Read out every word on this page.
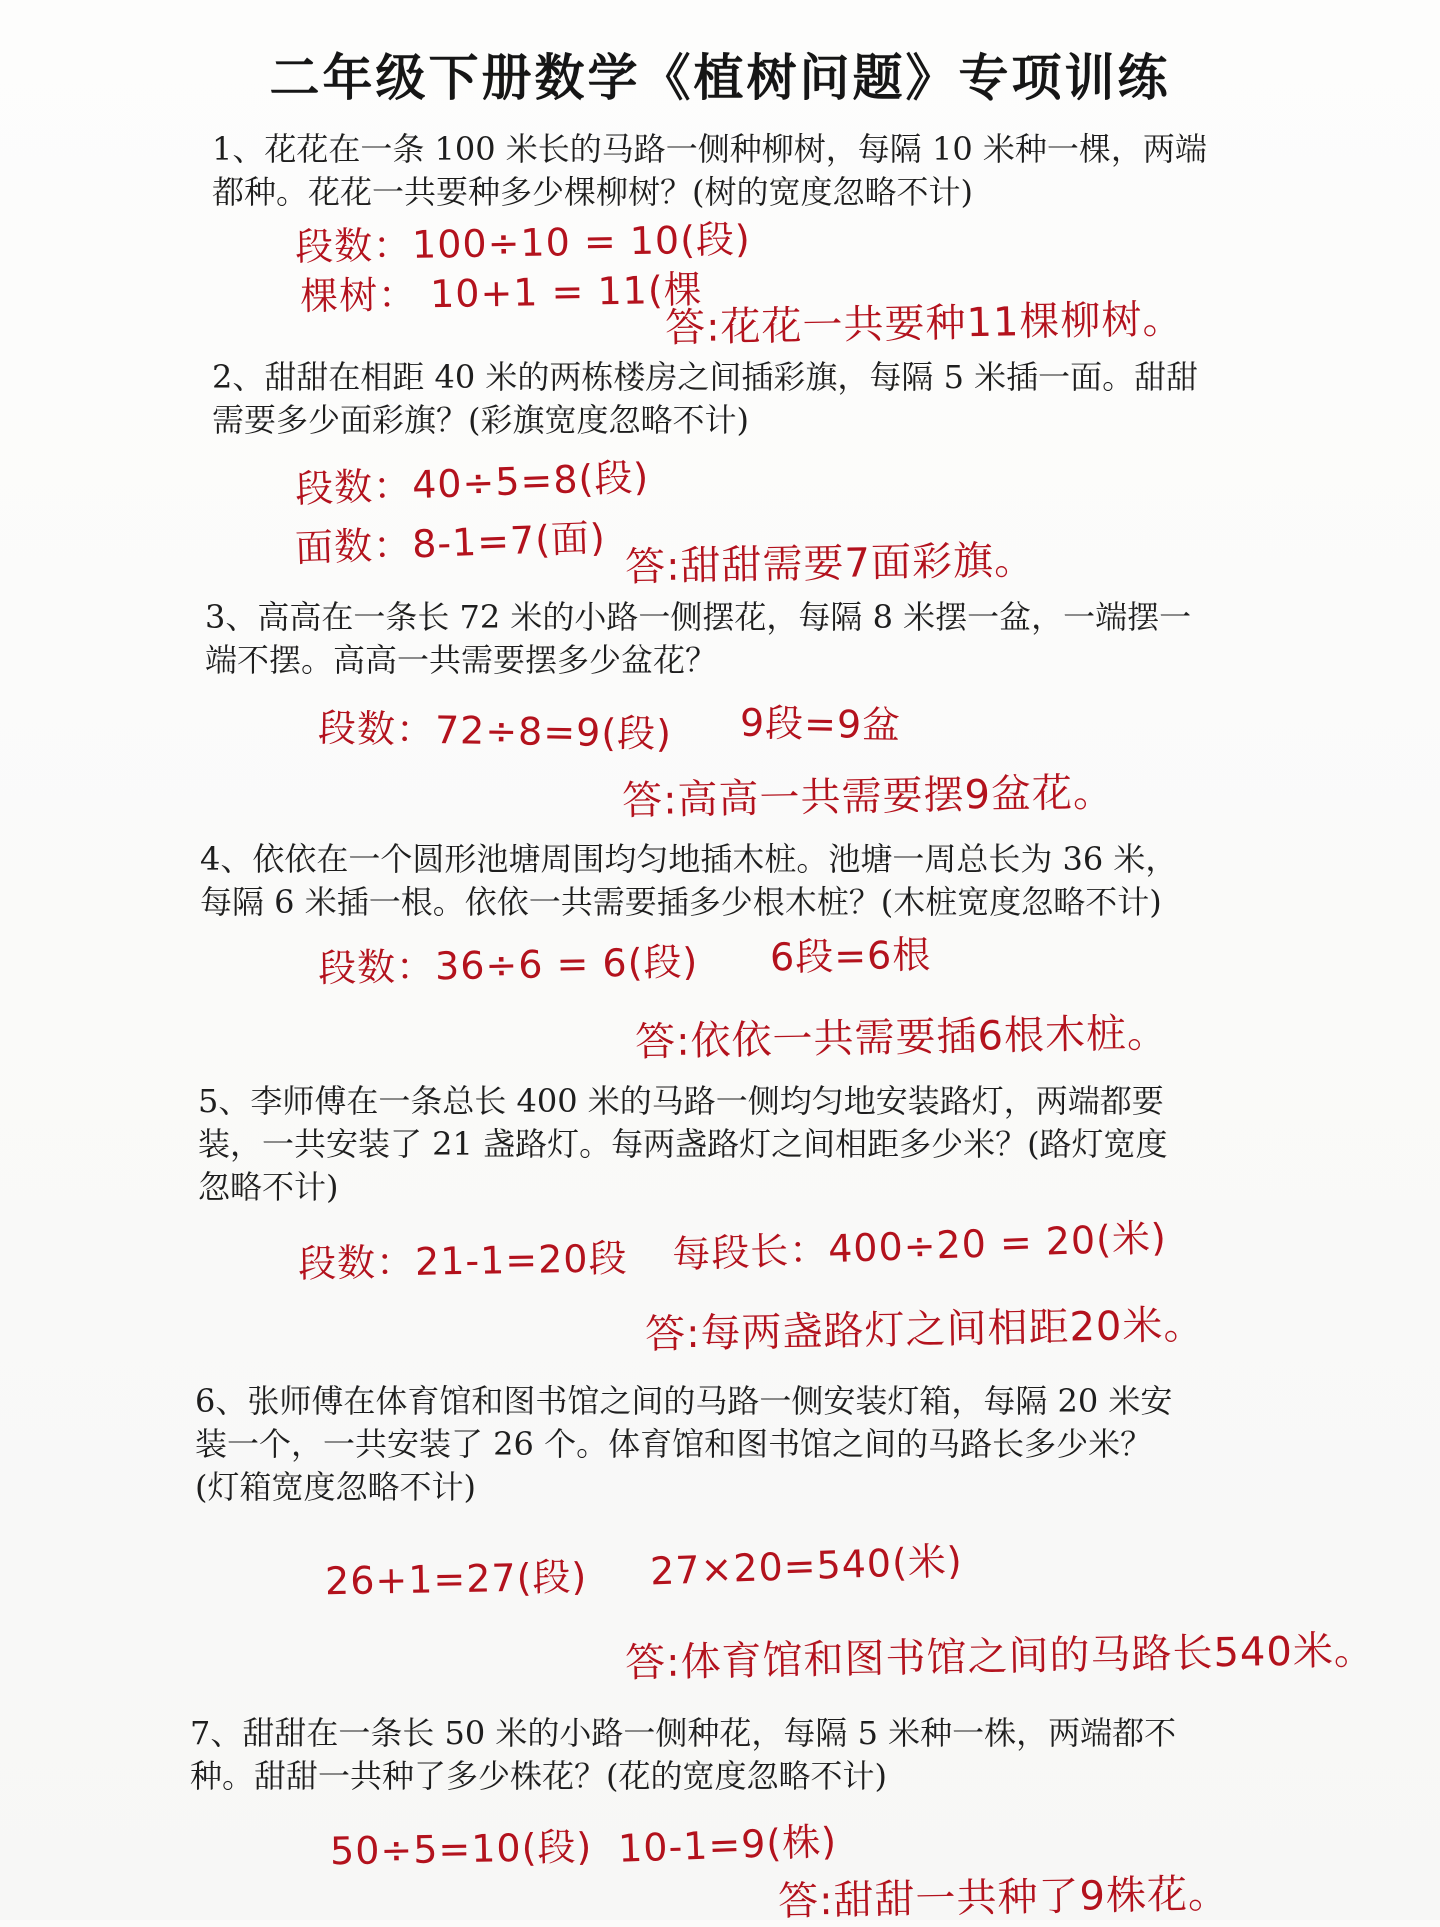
二年级下册数学《植树问题》专项训练

1、花花在一条 100 米长的马路一侧种柳树，每隔 10 米种一棵，两端

都种。花花一共要种多少棵柳树？(树的宽度忽略不计)

段数：100÷10 = 10(段)
棵树： 10+1 = 11(棵
答:花花一共要种11棵柳树。

2、甜甜在相距 40 米的两栋楼房之间插彩旗，每隔 5 米插一面。甜甜

需要多少面彩旗？(彩旗宽度忽略不计)

段数：40÷5=8(段)
面数：8-1=7(面) 答:甜甜需要7面彩旗。

3、高高在一条长 72 米的小路一侧摆花，每隔 8 米摆一盆，一端摆一

端不摆。高高一共需要摆多少盆花？

段数：72÷8=9(段) 9段=9盆
答:高高一共需要摆9盆花。

4、依依在一个圆形池塘周围均匀地插木桩。池塘一周总长为 36 米，

每隔 6 米插一根。依依一共需要插多少根木桩？(木桩宽度忽略不计)

段数：36÷6 = 6(段) 6段=6根
答:依依一共需要插6根木桩。

5、李师傅在一条总长 400 米的马路一侧均匀地安装路灯，两端都要

装，一共安装了 21 盏路灯。每两盏路灯之间相距多少米？(路灯宽度

忽略不计)

段数：21-1=20段 每段长：400÷20 = 20(米)
答:每两盏路灯之间相距20米。

6、张师傅在体育馆和图书馆之间的马路一侧安装灯箱，每隔 20 米安

装一个，一共安装了 26 个。体育馆和图书馆之间的马路长多少米？

(灯箱宽度忽略不计)

26+1=27(段) 27×20=540(米)
答:体育馆和图书馆之间的马路长540米。

7、甜甜在一条长 50 米的小路一侧种花，每隔 5 米种一株，两端都不

种。甜甜一共种了多少株花？(花的宽度忽略不计)

50÷5=10(段) 10-1=9(株)
答:甜甜一共种了9株花。
